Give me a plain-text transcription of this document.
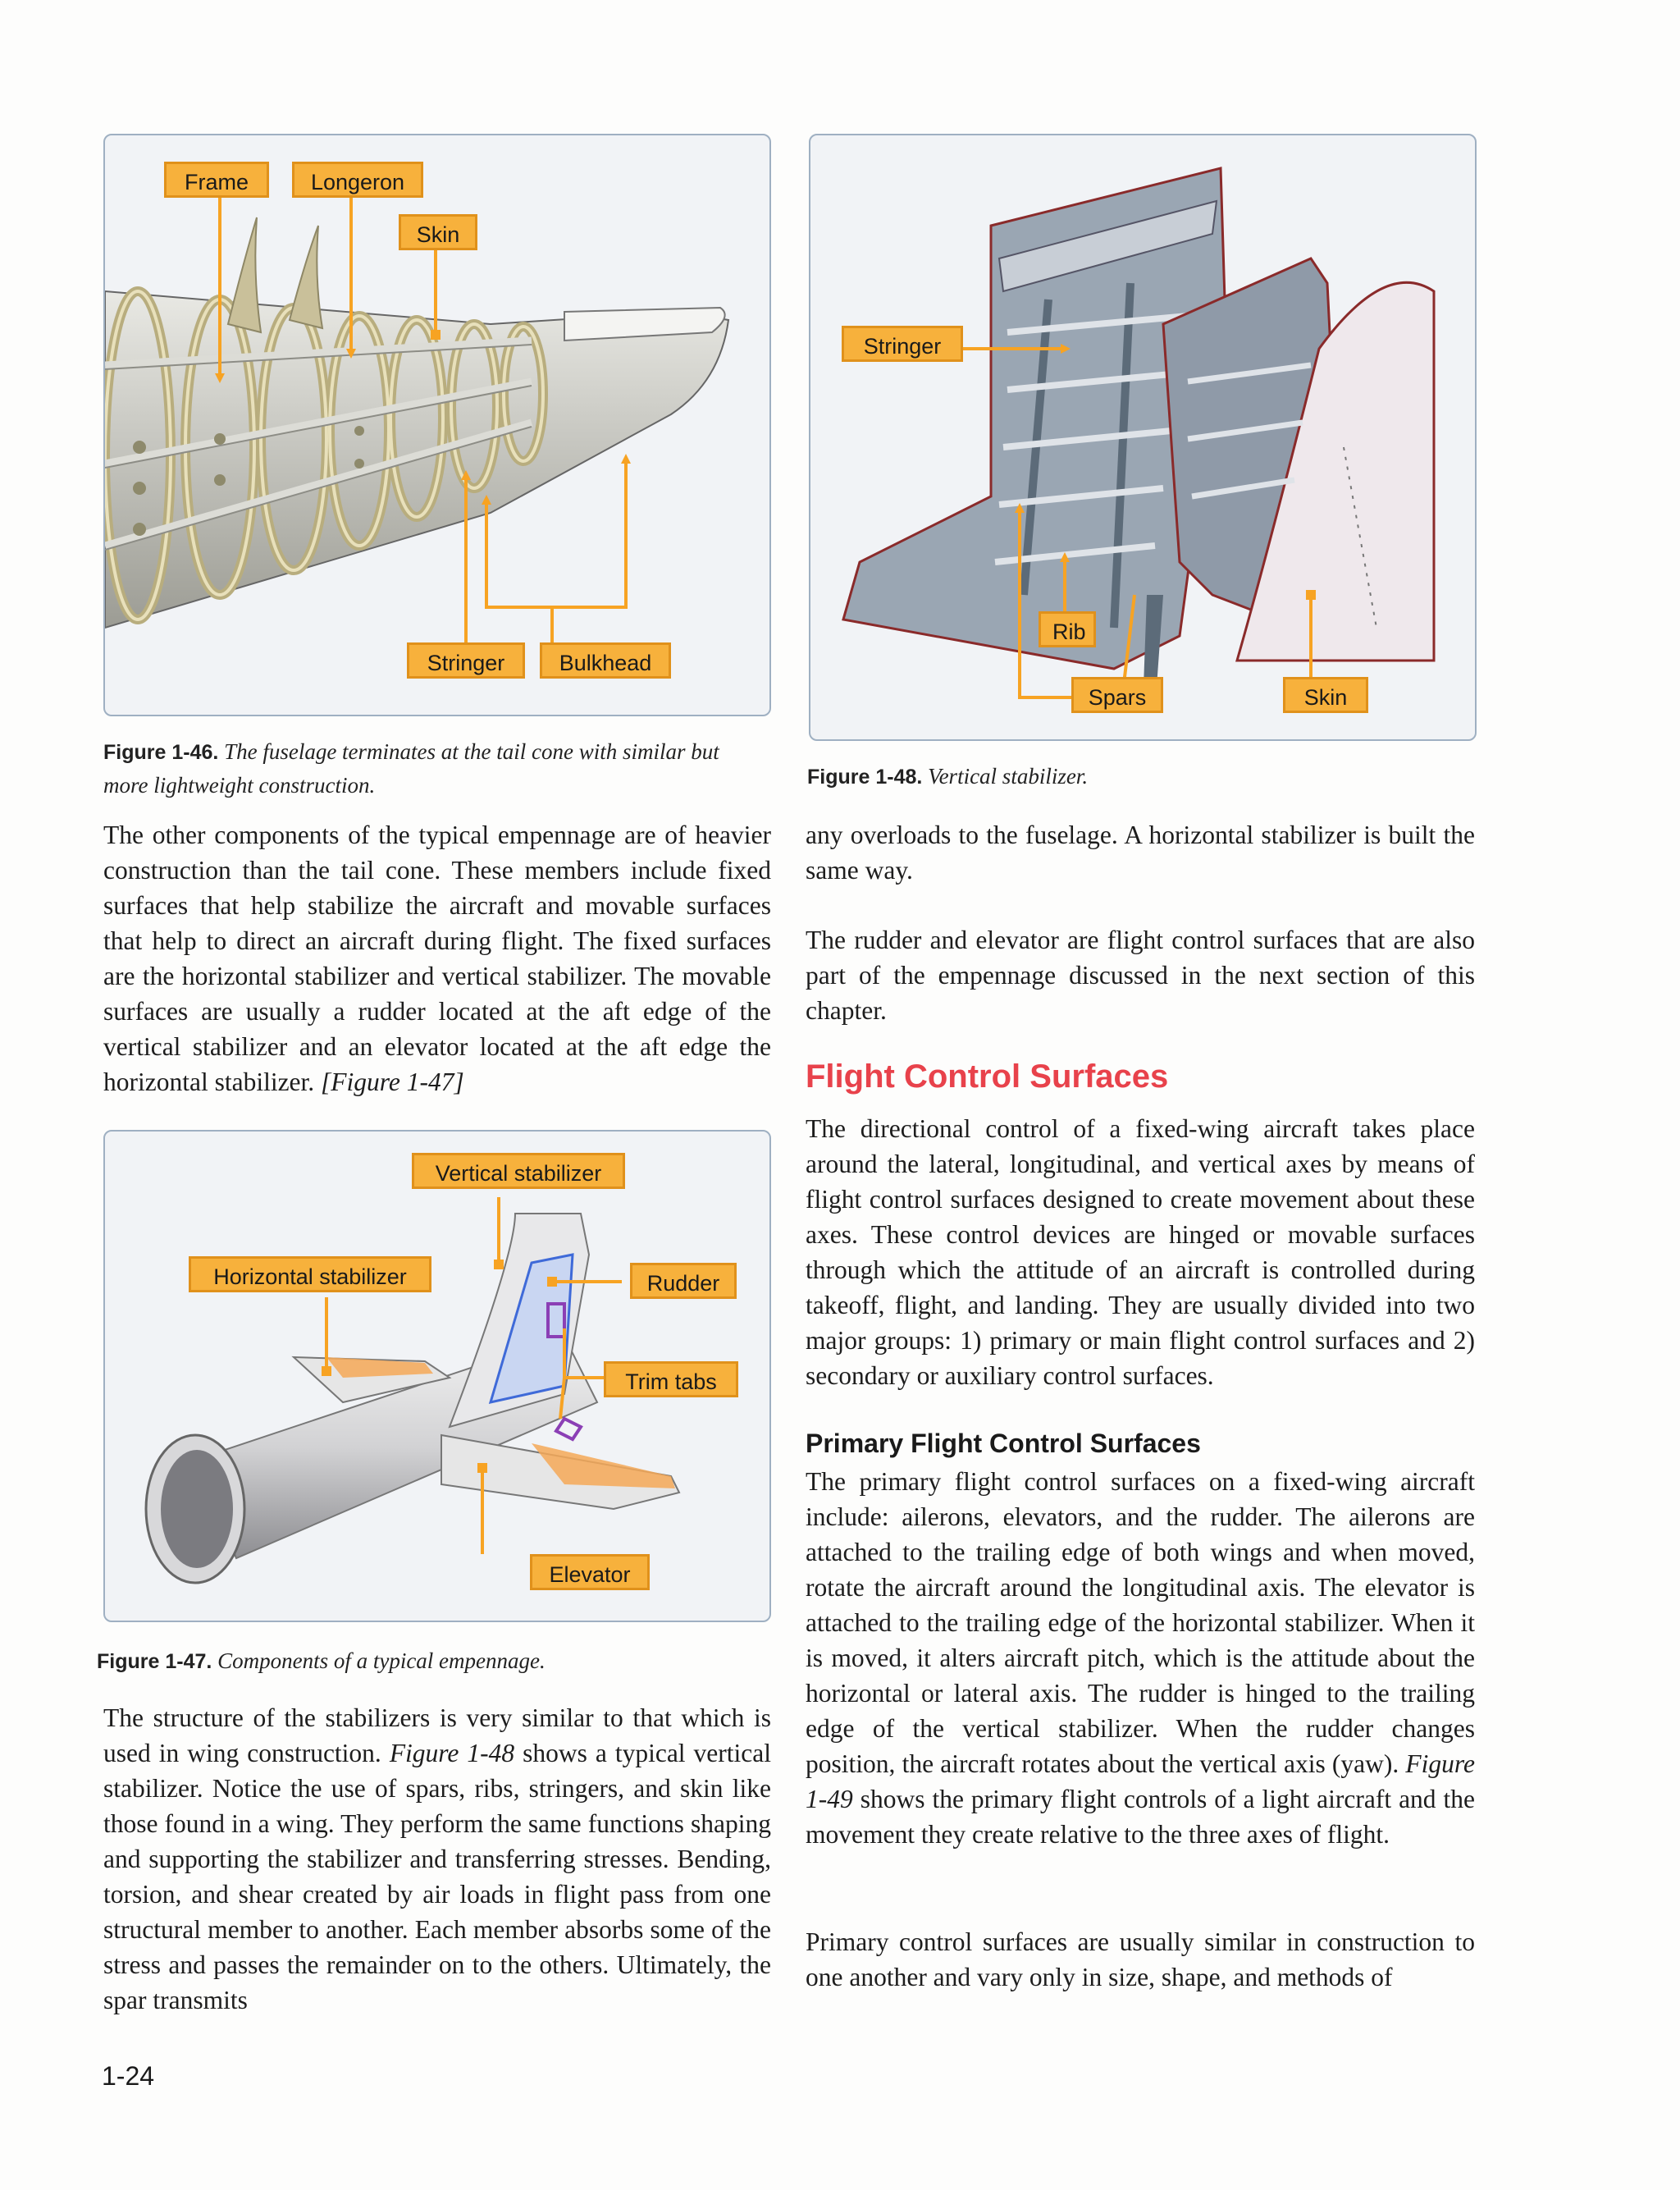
Frame	Longeron
Skin
Stringer	Bulkhead
Figure 1-46. The fuselage terminates at the tail cone with similar but more lightweight construction.
Stringer
Rib
Spars	Skin
Figure 1-48. Vertical stabilizer.

The other components of the typical empennage are of heavier construction than the tail cone. These members include fixed surfaces that help stabilize the aircraft and movable surfaces that help to direct an aircraft during flight. The fixed surfaces are the horizontal stabilizer and vertical stabilizer. The movable surfaces are usually a rudder located at the aft edge of the vertical stabilizer and an elevator located at the aft edge the horizontal stabilizer. [Figure 1-47]

Vertical stabilizer
Horizontal stabilizer	Rudder
Trim tabs
Elevator
Figure 1-47. Components of a typical empennage.

The structure of the stabilizers is very similar to that which is used in wing construction. Figure 1-48 shows a typical vertical stabilizer. Notice the use of spars, ribs, stringers, and skin like those found in a wing. They perform the same functions shaping and supporting the stabilizer and transferring stresses. Bending, torsion, and shear created by air loads in flight pass from one structural member to another. Each member absorbs some of the stress and passes the remainder on to the others. Ultimately, the spar transmits

any overloads to the fuselage. A horizontal stabilizer is built the same way.

The rudder and elevator are flight control surfaces that are also part of the empennage discussed in the next section of this chapter.

Flight Control Surfaces

The directional control of a fixed-wing aircraft takes place around the lateral, longitudinal, and vertical axes by means of flight control surfaces designed to create movement about these axes. These control devices are hinged or movable surfaces through which the attitude of an aircraft is controlled during takeoff, flight, and landing. They are usually divided into two major groups: 1) primary or main flight control surfaces and 2) secondary or auxiliary control surfaces.

Primary Flight Control Surfaces

The primary flight control surfaces on a fixed-wing aircraft include: ailerons, elevators, and the rudder. The ailerons are attached to the trailing edge of both wings and when moved, rotate the aircraft around the longitudinal axis. The elevator is attached to the trailing edge of the horizontal stabilizer. When it is moved, it alters aircraft pitch, which is the attitude about the horizontal or lateral axis. The rudder is hinged to the trailing edge of the vertical stabilizer. When the rudder changes position, the aircraft rotates about the vertical axis (yaw). Figure 1-49 shows the primary flight controls of a light aircraft and the movement they create relative to the three axes of flight.

Primary control surfaces are usually similar in construction to one another and vary only in size, shape, and methods of

1-24
